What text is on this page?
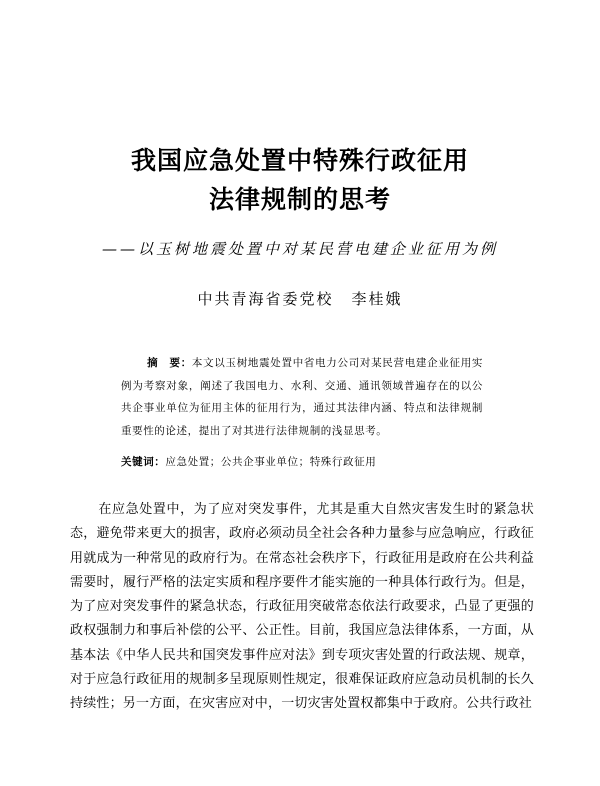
我国应急处置中特殊行政征用
法律规制的思考
——以玉树地震处置中对某民营电建企业征用为例
中共青海省委党校 李桂娥
摘　要：本文以玉树地震处置中省电力公司对某民营电建企业征用实例为考察对象，阐述了我国电力、水利、交通、通讯领域普遍存在的以公共企事业单位为征用主体的征用行为，通过其法律内涵、特点和法律规制重要性的论述，提出了对其进行法律规制的浅显思考。
关键词：应急处置；公共企事业单位；特殊行政征用
在应急处置中，为了应对突发事件，尤其是重大自然灾害发生时的紧急状态，避免带来更大的损害，政府必须动员全社会各种力量参与应急响应，行政征用就成为一种常见的政府行为。在常态社会秩序下，行政征用是政府在公共利益需要时，履行严格的法定实质和程序要件才能实施的一种具体行政行为。但是，为了应对突发事件的紧急状态，行政征用突破常态依法行政要求，凸显了更强的政权强制力和事后补偿的公平、公正性。目前，我国应急法律体系，一方面，从基本法《中华人民共和国突发事件应对法》到专项灾害处置的行政法规、规章，对于应急行政征用的规制多呈现原则性规定，很难保证政府应急动员机制的长久持续性；另一方面，在灾害应对中，一切灾害处置权都集中于政府。公共行政社
